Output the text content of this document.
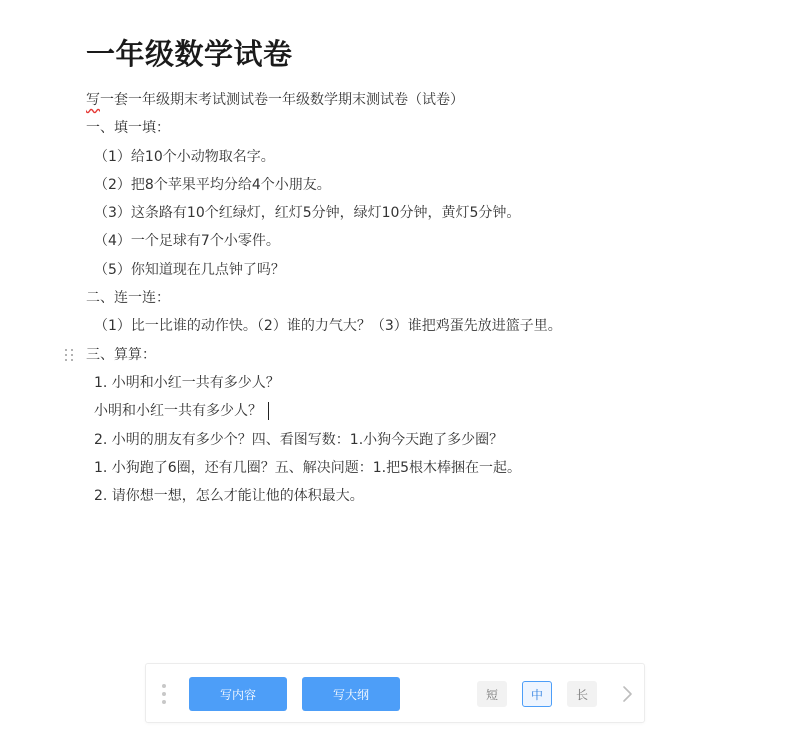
一年级数学试卷
写一套一年级期末考试测试卷一年级数学期末测试卷（试卷）
一、填一填：
（1）给10个小动物取名字。
（2）把8个苹果平均分给4个小朋友。
（3）这条路有10个红绿灯，红灯5分钟，绿灯10分钟，黄灯5分钟。
（4）一个足球有7个小零件。
（5）你知道现在几点钟了吗？
二、连一连：
（1）比一比谁的动作快。（2）谁的力气大？（3）谁把鸡蛋先放进篮子里。
三、算算：
1. 小明和小红一共有多少人？
小明和小红一共有多少人？
2. 小明的朋友有多少个？四、看图写数：1.小狗今天跑了多少圈？
1. 小狗跑了6圈，还有几圈？五、解决问题：1.把5根木棒捆在一起。
2. 请你想一想，怎么才能让他的体积最大。
写内容	写大纲	短	中	长
